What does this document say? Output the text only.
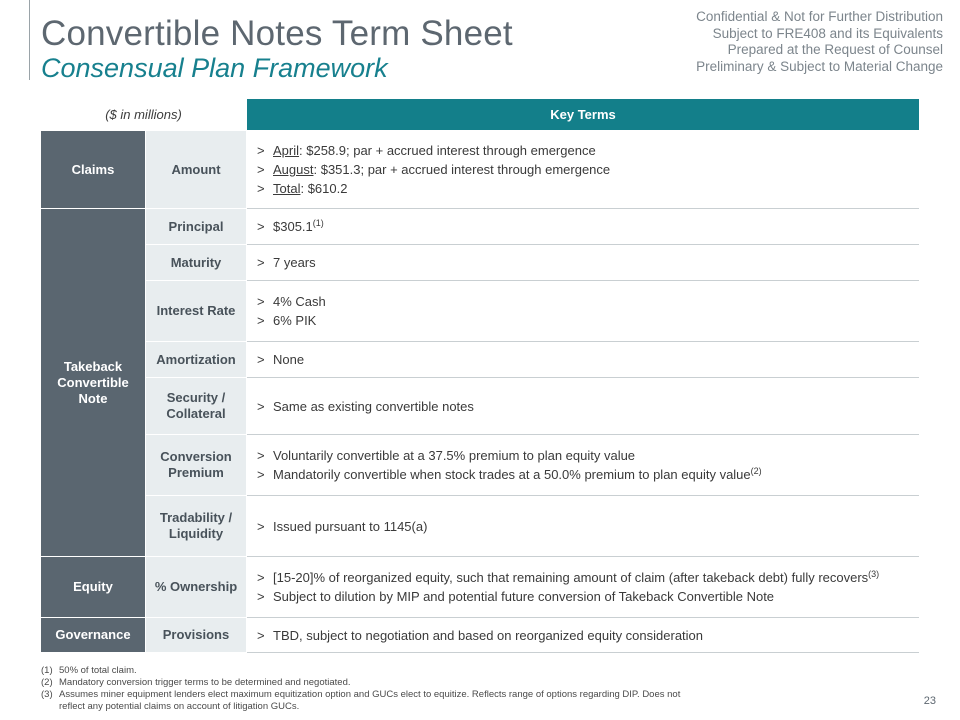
Convertible Notes Term Sheet
Consensual Plan Framework
Confidential & Not for Further Distribution
Subject to FRE408 and its Equivalents
Prepared at the Request of Counsel
Preliminary & Subject to Material Change
($ in millions)	Key Terms
Claims
Takeback Convertible Note
Equity
Governance
Amount
Principal
Maturity
Interest Rate
Amortization
Security / Collateral
Conversion Premium
Tradability / Liquidity
% Ownership
Provisions
> April: $258.9; par + accrued interest through emergence
> August: $351.3; par + accrued interest through emergence
> Total: $610.2
> $\$305.1^{(1)}$
> 7 years
> 4% Cash
> 6% PIK
> None
> Same as existing convertible notes
> Voluntarily convertible at a 37.5% premium to plan equity value
> Mandatorily convertible when stock trades at a 50.0% premium to plan equity value$^{(2)}$
> Issued pursuant to 1145(a)
> [15-20]% of reorganized equity, such that remaining amount of claim (after takeback debt) fully recovers$^{(3)}$
> Subject to dilution by MIP and potential future conversion of Takeback Convertible Note
> TBD, subject to negotiation and based on reorganized equity consideration
(1) 50% of total claim.
(2) Mandatory conversion trigger terms to be determined and negotiated.
(3) Assumes miner equipment lenders elect maximum equitization option and GUCs elect to equitize. Reflects range of options regarding DIP. Does not
reflect any potential claims on account of litigation GUCs.	23
